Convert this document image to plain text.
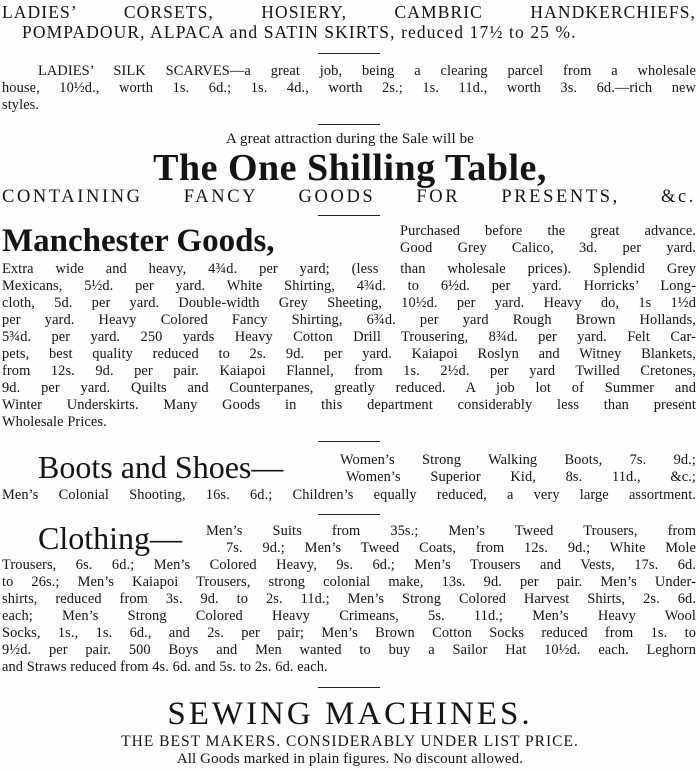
LADIES’ CORSETS, HOSIERY, CAMBRIC HANDKERCHIEFS,
POMPADOUR, ALPACA and SATIN SKIRTS, reduced 17½ to 25 %.
LADIES’ SILK SCARVES—a great job, being a clearing parcel from a wholesale
house, 10½d., worth 1s. 6d.; 1s. 4d., worth 2s.; 1s. 11d., worth 3s. 6d.—rich new
styles.
A great attraction during the Sale will be
The One Shilling Table,
CONTAINING FANCY GOODS FOR PRESENTS, &c.
Manchester Goods,	Purchased before the great advance.
Good Grey Calico, 3d. per yard.
Extra wide and heavy, 4¾d. per yard; (less than wholesale prices). Splendid Grey
Mexicans, 5½d. per yard. White Shirting, 4¾d. to 6½d. per yard. Horricks’ Long-
cloth, 5d. per yard. Double-width Grey Sheeting, 10½d. per yard. Heavy do, 1s 1½d
per yard. Heavy Colored Fancy Shirting, 6¾d. per yard Rough Brown Hollands,
5¾d. per yard. 250 yards Heavy Cotton Drill Trousering, 8¾d. per yard. Felt Car-
pets, best quality reduced to 2s. 9d. per yard. Kaiapoi Roslyn and Witney Blankets,
from 12s. 9d. per pair. Kaiapoi Flannel, from 1s. 2½d. per yard Twilled Cretones,
9d. per yard. Quilts and Counterpanes, greatly reduced. A job lot of Summer and
Winter Underskirts. Many Goods in this department considerably less than present
Wholesale Prices.
Boots and Shoes—	Women’s Strong Walking Boots, 7s. 9d.;
Women’s Superior Kid, 8s. 11d., &c.;
Men’s Colonial Shooting, 16s. 6d.; Children’s equally reduced, a very large assortment.
Clothing— Men’s Suits from 35s.; Men’s Tweed Trousers, from
7s. 9d.; Men’s Tweed Coats, from 12s. 9d.; White Mole
Trousers, 6s. 6d.; Men’s Colored Heavy, 9s. 6d.; Men’s Trousers and Vests, 17s. 6d.
to 26s.; Men’s Kaiapoi Trousers, strong colonial make, 13s. 9d. per pair. Men’s Under-
shirts, reduced from 3s. 9d. to 2s. 11d.; Men’s Strong Colored Harvest Shirts, 2s. 6d.
each; Men’s Strong Colored Heavy Crimeans, 5s. 11d.; Men’s Heavy Wool
Socks, 1s., 1s. 6d., and 2s. per pair; Men’s Brown Cotton Socks reduced from 1s. to
9½d. per pair. 500 Boys and Men wanted to buy a Sailor Hat 10½d. each. Leghorn
and Straws reduced from 4s. 6d. and 5s. to 2s. 6d. each.
SEWING MACHINES.
THE BEST MAKERS. CONSIDERABLY UNDER LIST PRICE.
All Goods marked in plain figures. No discount allowed.
